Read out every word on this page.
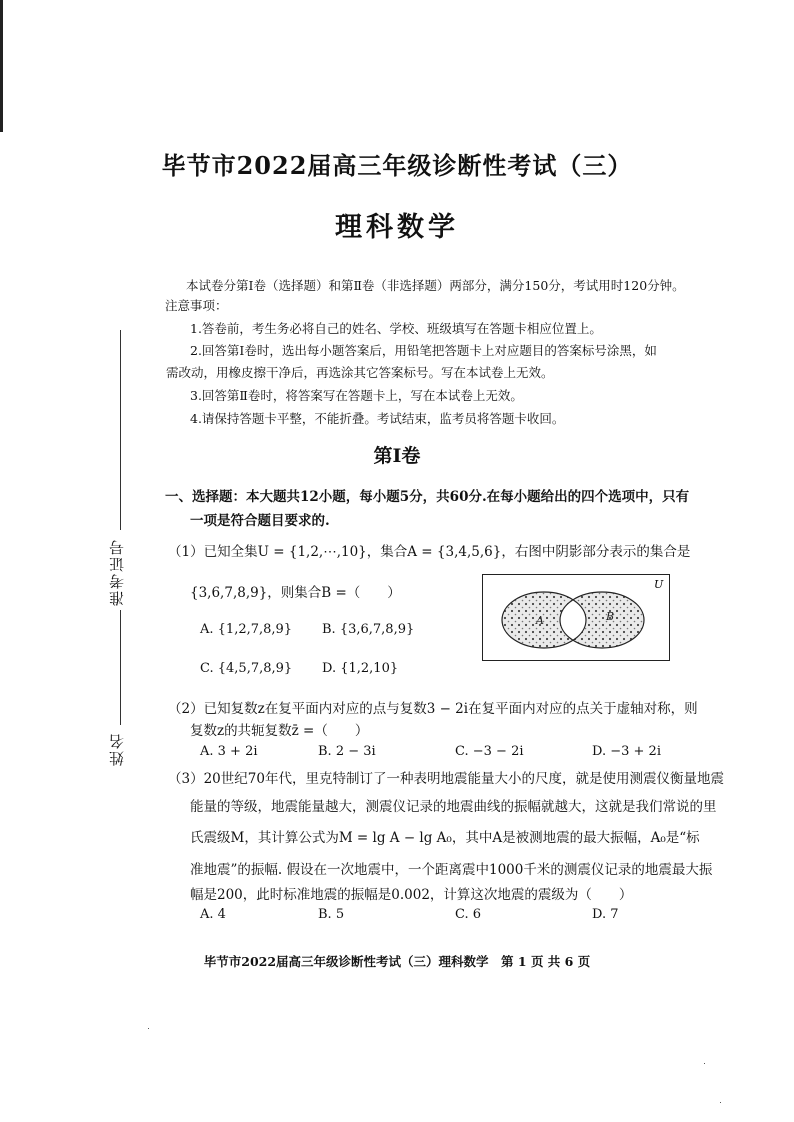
准考证号
姓名
毕节市2022届高三年级诊断性考试（三）
理科数学
本试卷分第Ⅰ卷（选择题）和第Ⅱ卷（非选择题）两部分，满分150分，考试用时120分钟。
注意事项：
1.答卷前，考生务必将自己的姓名、学校、班级填写在答题卡相应位置上。
2.回答第Ⅰ卷时，选出每小题答案后，用铅笔把答题卡上对应题目的答案标号涂黑，如
需改动，用橡皮擦干净后，再选涂其它答案标号。写在本试卷上无效。
3.回答第Ⅱ卷时，将答案写在答题卡上，写在本试卷上无效。
4.请保持答题卡平整，不能折叠。考试结束，监考员将答题卡收回。
第Ⅰ卷
一、选择题：本大题共12小题，每小题5分，共60分.在每小题给出的四个选项中，只有
一项是符合题目要求的.
（1）已知全集U = {1,2,⋯,10}，集合A = {3,4,5,6}，右图中阴影部分表示的集合是
{3,6,7,8,9}，则集合B =（　　）
A. {1,2,7,8,9} B. {3,6,7,8,9}
C. {4,5,7,8,9} D. {1,2,10}
U
A	B
（2）已知复数z在复平面内对应的点与复数3 − 2i在复平面内对应的点关于虚轴对称，则
复数z的共轭复数z̄ =（　　）
A. 3 + 2i	B. 2 − 3i	C. −3 − 2i	D. −3 + 2i
（3）20世纪70年代，里克特制订了一种表明地震能量大小的尺度，就是使用测震仪衡量地震
能量的等级，地震能量越大，测震仪记录的地震曲线的振幅就越大，这就是我们常说的里
氏震级M，其计算公式为M = lg A − lg A₀，其中A是被测地震的最大振幅，A₀是“标
准地震”的振幅. 假设在一次地震中，一个距离震中1000千米的测震仪记录的地震最大振
幅是200，此时标准地震的振幅是0.002，计算这次地震的震级为（　　）
A. 4	B. 5	C. 6	D. 7
毕节市2022届高三年级诊断性考试（三）理科数学　第 1 页 共 6 页
